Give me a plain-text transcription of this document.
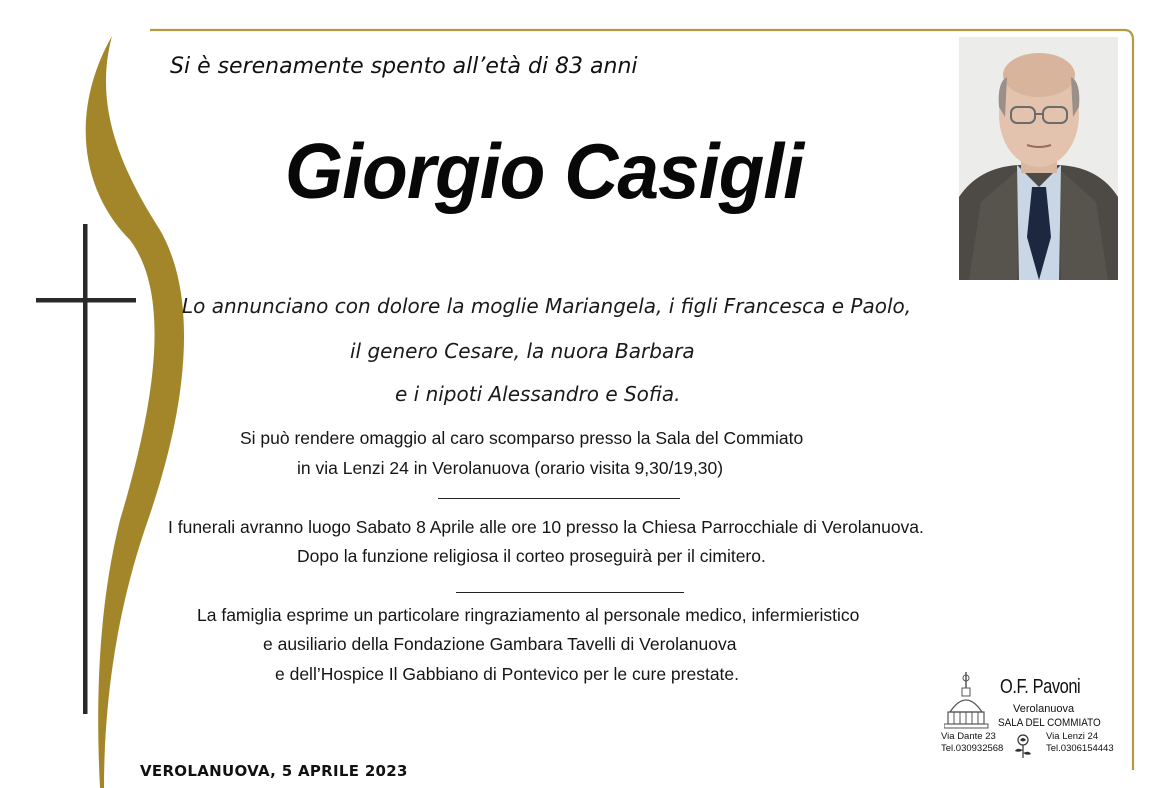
Si è serenamente spento all’età di 83 anni
Giorgio Casigli
Lo annunciano con dolore la moglie Mariangela, i figli Francesca e Paolo,
il genero Cesare, la nuora Barbara
e i nipoti Alessandro e Sofia.
Si può rendere omaggio al caro scomparso presso la Sala del Commiato
in via Lenzi 24 in Verolanuova (orario visita 9,30/19,30)
I funerali avranno luogo Sabato 8 Aprile alle ore 10 presso la Chiesa Parrocchiale di Verolanuova.
Dopo la funzione religiosa il corteo proseguirà per il cimitero.
La famiglia esprime un particolare ringraziamento al personale medico, infermieristico
e ausiliario della Fondazione Gambara Tavelli di Verolanuova
e dell’Hospice Il Gabbiano di Pontevico per le cure prestate.
VEROLANUOVA, 5 APRILE 2023
O.F. Pavoni
Verolanuova
SALA DEL COMMIATO
Via Dante 23
Tel.030932568
Via Lenzi 24
Tel.0306154443
